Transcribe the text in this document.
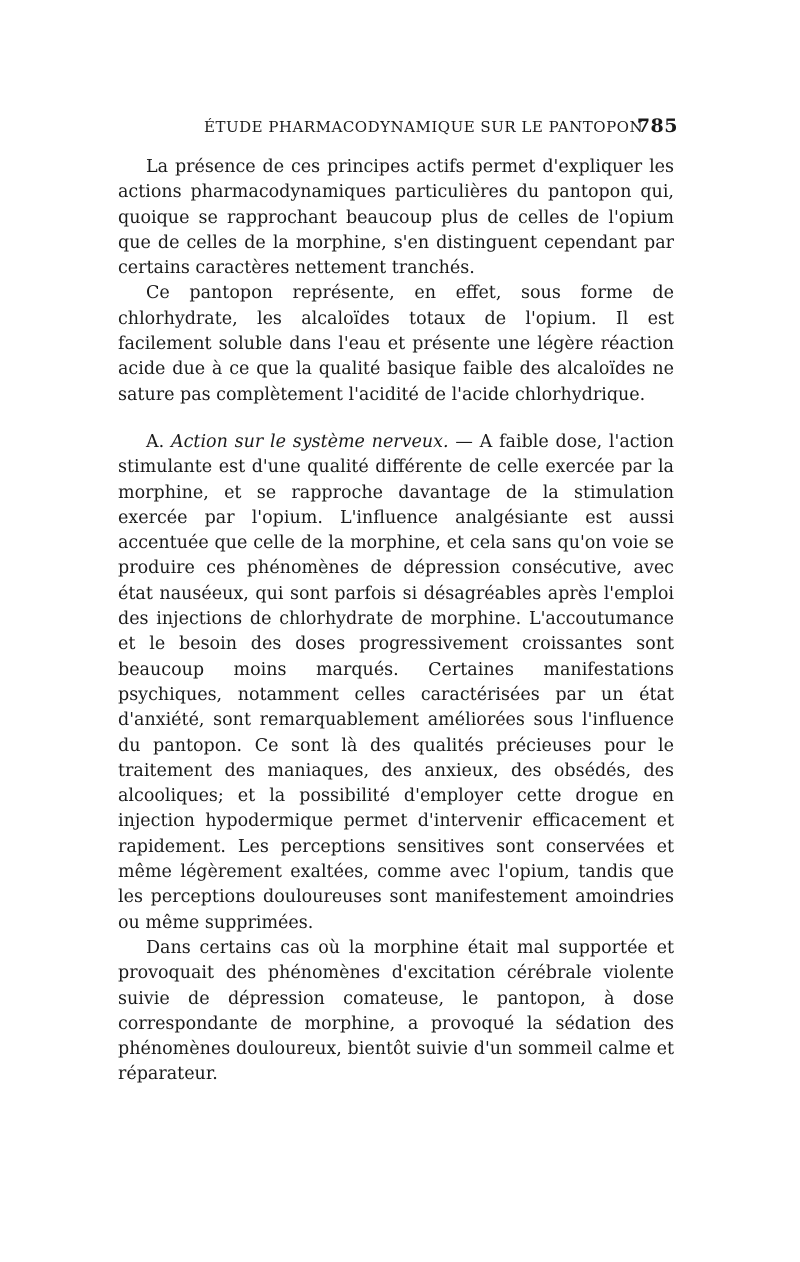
ÉTUDE PHARMACODYNAMIQUE SUR LE PANTOPON
785

La présence de ces principes actifs permet d'expliquer les actions pharmacodynamiques particulières du pantopon qui, quoique se rapprochant beaucoup plus de celles de l'opium que de celles de la morphine, s'en distinguent cependant par certains caractères nettement tranchés.

Ce pantopon représente, en effet, sous forme de chlorhydrate, les alcaloïdes totaux de l'opium. Il est facilement soluble dans l'eau et présente une légère réaction acide due à ce que la qualité basique faible des alcaloïdes ne sature pas complètement l'acidité de l'acide chlorhydrique.

A. Action sur le système nerveux. — A faible dose, l'action stimulante est d'une qualité différente de celle exercée par la morphine, et se rapproche davantage de la stimulation exercée par l'opium. L'influence analgésiante est aussi accentuée que celle de la morphine, et cela sans qu'on voie se produire ces phénomènes de dépression consécutive, avec état nauséeux, qui sont parfois si désagréables après l'emploi des injections de chlorhydrate de morphine. L'accoutumance et le besoin des doses progressivement croissantes sont beaucoup moins marqués. Certaines manifestations psychiques, notamment celles caractérisées par un état d'anxiété, sont remarquablement améliorées sous l'influence du pantopon. Ce sont là des qualités précieuses pour le traitement des maniaques, des anxieux, des obsédés, des alcooliques; et la possibilité d'employer cette drogue en injection hypodermique permet d'intervenir efficacement et rapidement. Les perceptions sensitives sont conservées et même légèrement exaltées, comme avec l'opium, tandis que les perceptions douloureuses sont manifestement amoindries ou même supprimées.

Dans certains cas où la morphine était mal supportée et provoquait des phénomènes d'excitation cérébrale violente suivie de dépression comateuse, le pantopon, à dose correspondante de morphine, a provoqué la sédation des phénomènes douloureux, bientôt suivie d'un sommeil calme et réparateur.
